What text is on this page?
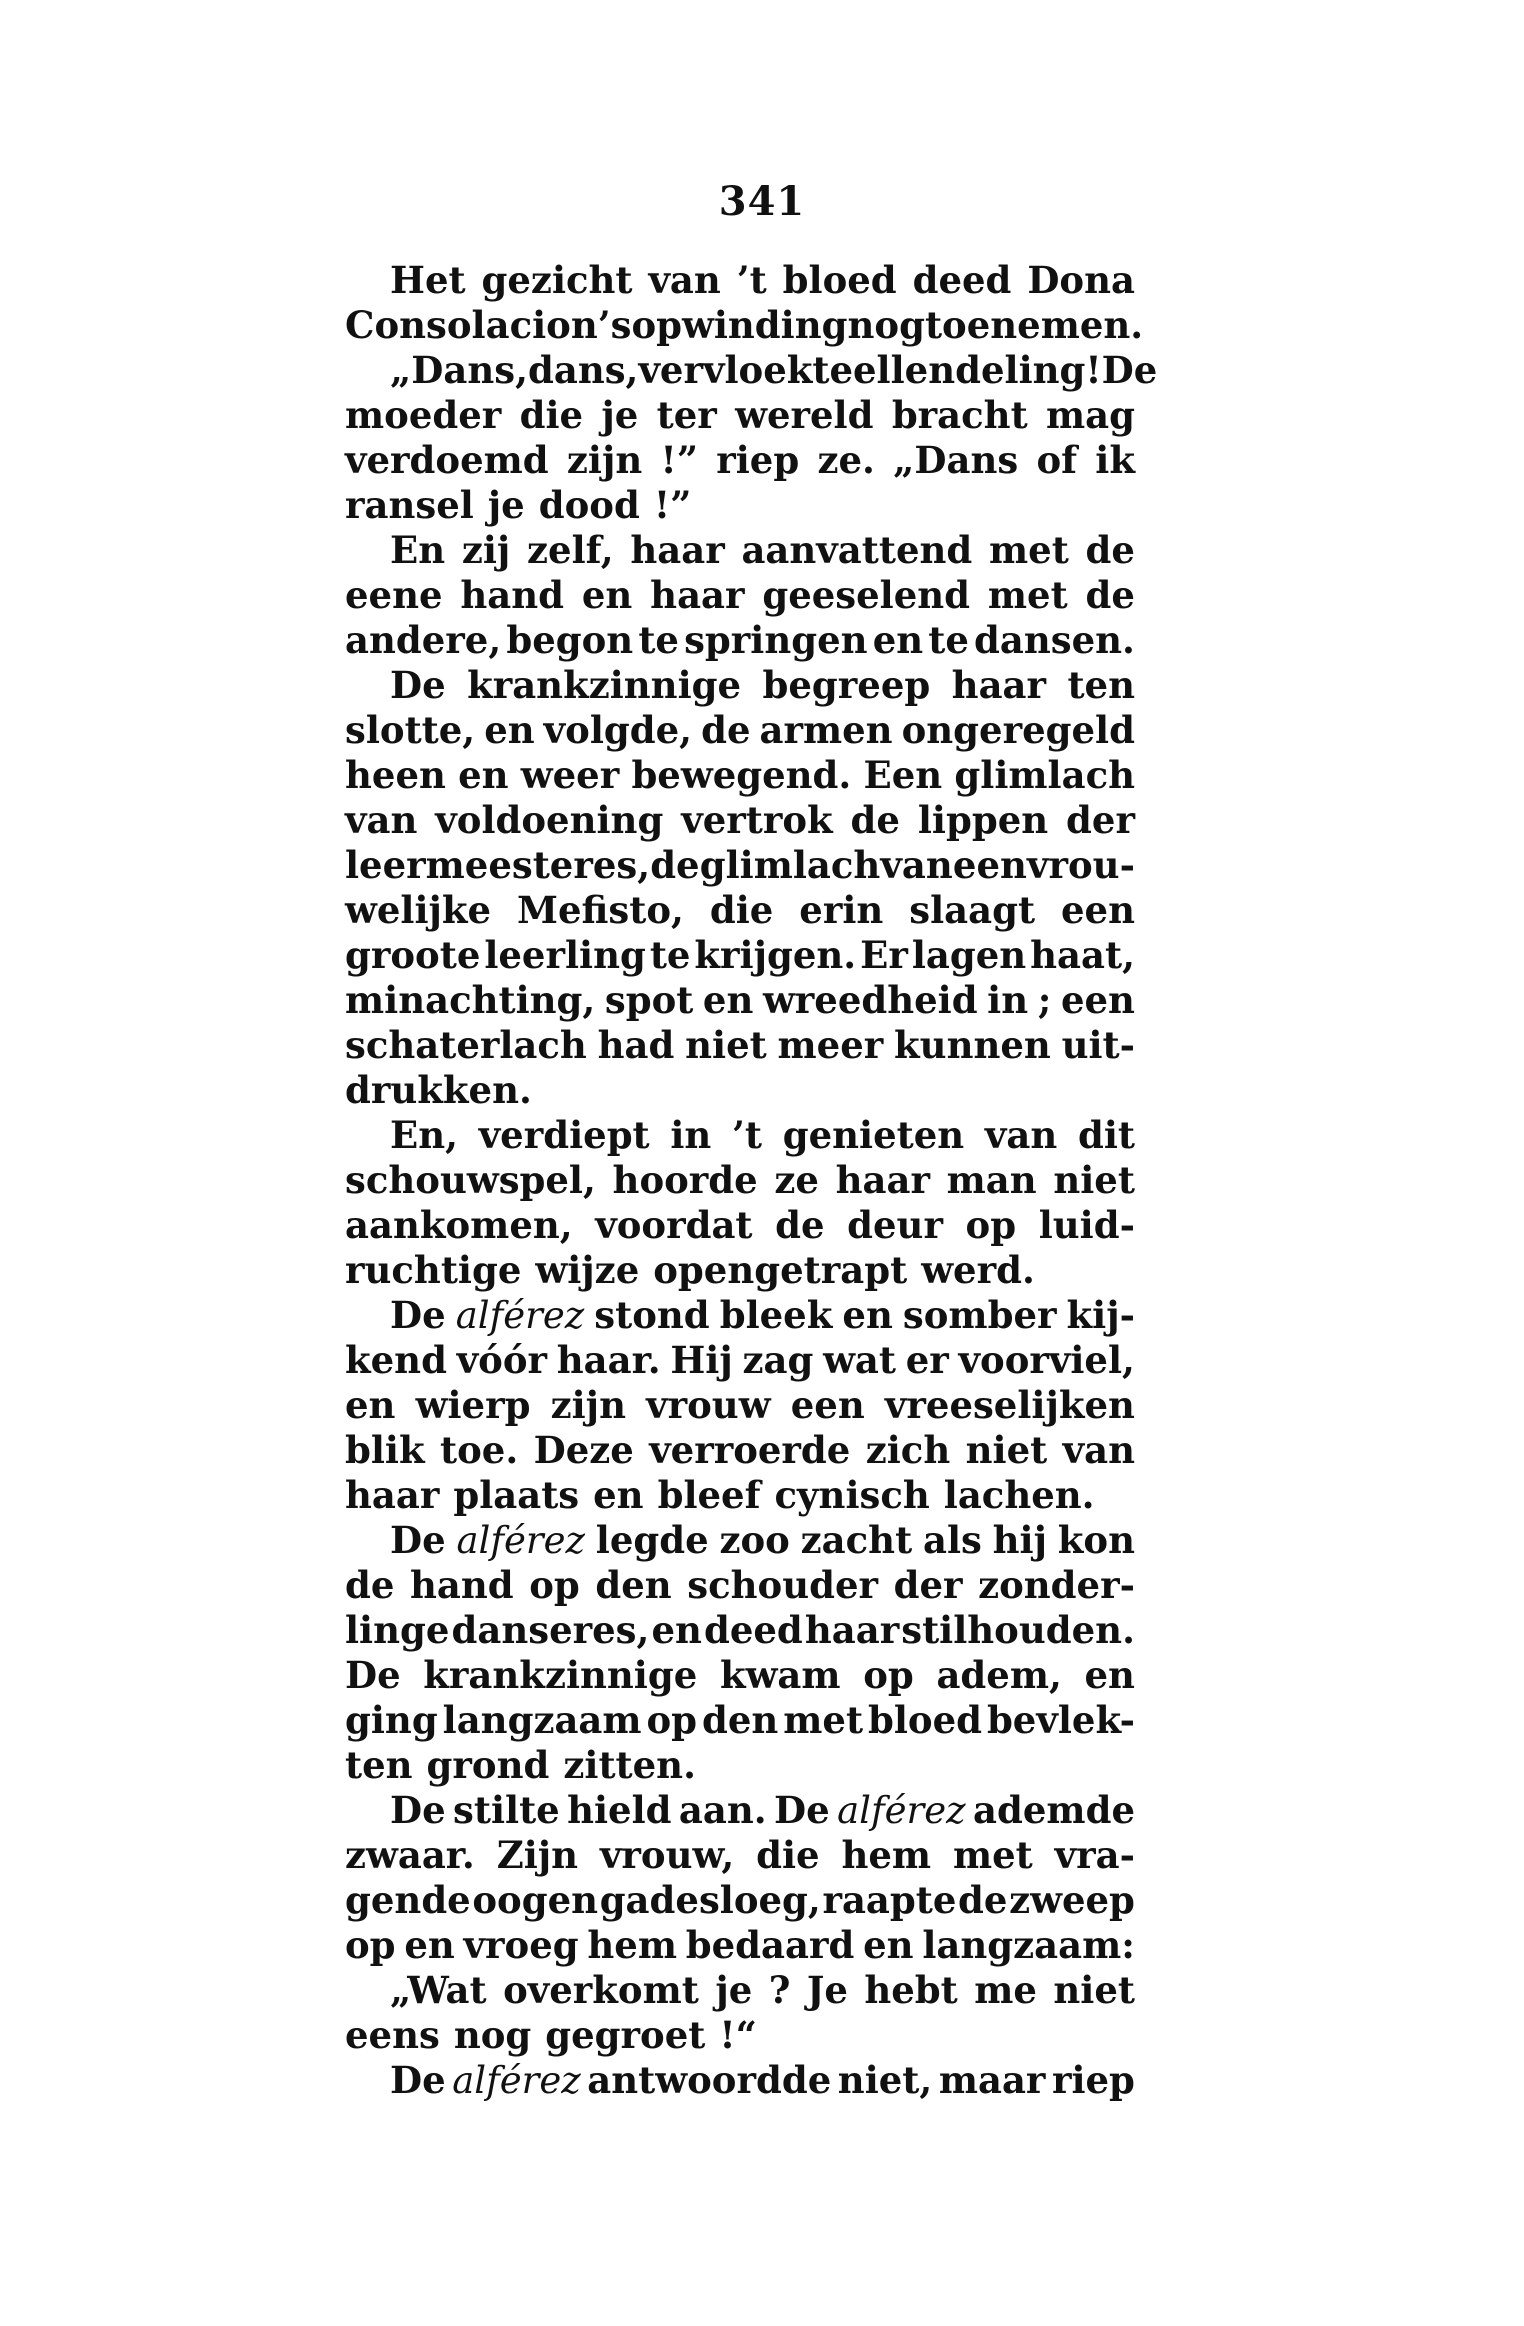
341
Het gezicht van ’t bloed deed Dona
Consolacion’s opwinding nog toenemen.
„Dans, dans, vervloekte ellendeling ! De
moeder die je ter wereld bracht mag
verdoemd zijn !” riep ze. „Dans of ik
ransel je dood !”
En zij zelf, haar aanvattend met de
eene hand en haar geeselend met de
andere, begon te springen en te dansen.
De krankzinnige begreep haar ten
slotte, en volgde, de armen ongeregeld
heen en weer bewegend. Een glimlach
van voldoening vertrok de lippen der
leermeesteres, de glimlach van een vrou-
welijke Mefisto, die erin slaagt een
groote leerling te krijgen. Er lagen haat,
minachting, spot en wreedheid in ; een
schaterlach had niet meer kunnen uit-
drukken.
En, verdiept in ’t genieten van dit
schouwspel, hoorde ze haar man niet
aankomen, voordat de deur op luid-
ruchtige wijze opengetrapt werd.
De alférez stond bleek en somber kij-
kend vóór haar. Hij zag wat er voorviel,
en wierp zijn vrouw een vreeselijken
blik toe. Deze verroerde zich niet van
haar plaats en bleef cynisch lachen.
De alférez legde zoo zacht als hij kon
de hand op den schouder der zonder-
linge danseres, en deed haar stilhouden.
De krankzinnige kwam op adem, en
ging langzaam op den met bloed bevlek-
ten grond zitten.
De stilte hield aan. De alférez ademde
zwaar. Zijn vrouw, die hem met vra-
gende oogen gadesloeg, raapte de zweep
op en vroeg hem bedaard en langzaam:
„Wat overkomt je ? Je hebt me niet
eens nog gegroet !“
De alférez antwoordde niet, maar riep
